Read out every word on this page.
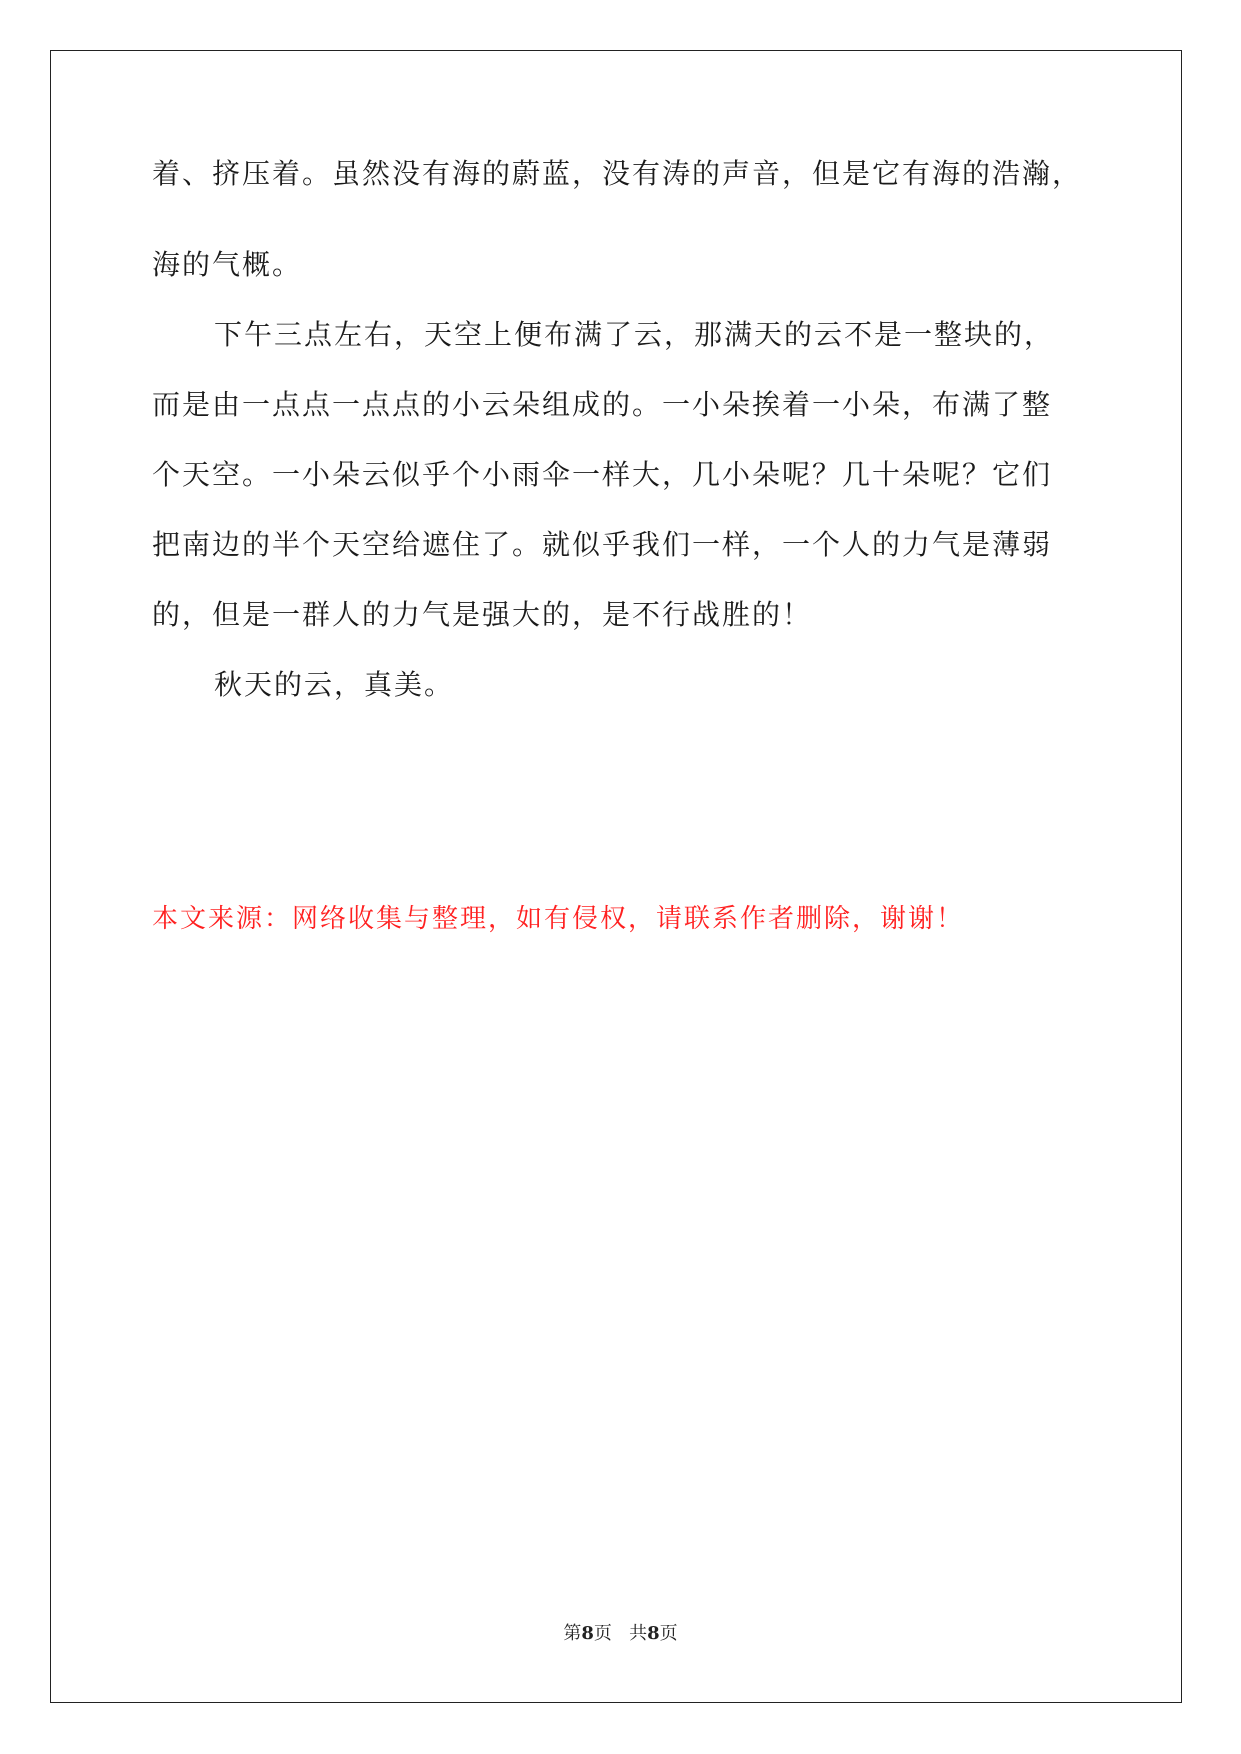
着、挤压着。虽然没有海的蔚蓝，没有涛的声音，但是它有海的浩瀚，

海的气概。

下午三点左右，天空上便布满了云，那满天的云不是一整块的，

而是由一点点一点点的小云朵组成的。一小朵挨着一小朵，布满了整

个天空。一小朵云似乎个小雨伞一样大，几小朵呢？几十朵呢？它们

把南边的半个天空给遮住了。就似乎我们一样，一个人的力气是薄弱

的，但是一群人的力气是强大的，是不行战胜的！

秋天的云，真美。

本文来源：网络收集与整理，如有侵权，请联系作者删除，谢谢！
第8页 共8页
